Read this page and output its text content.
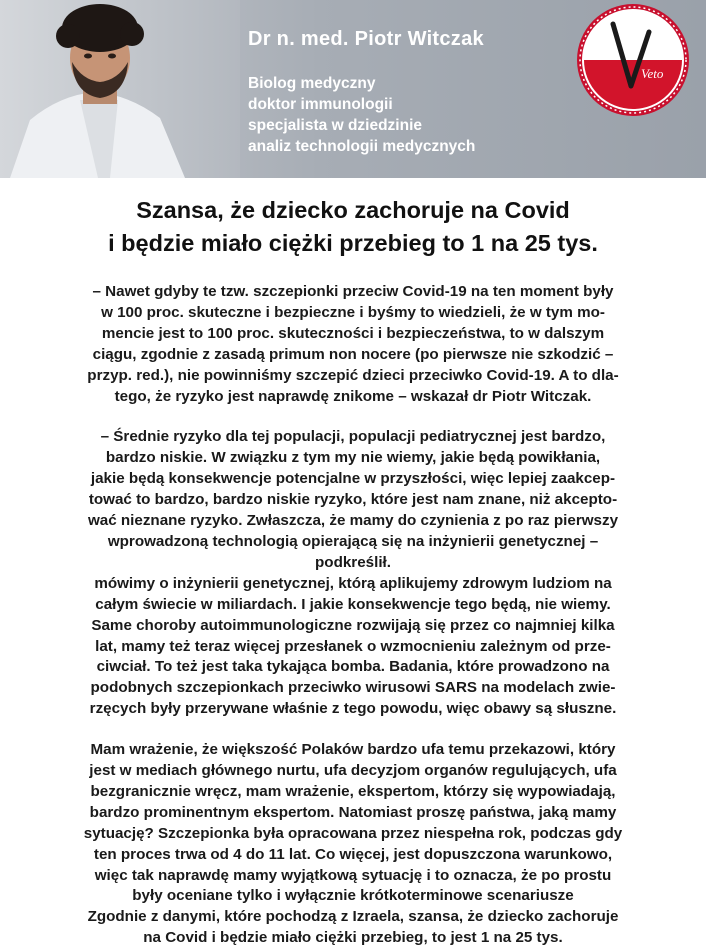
Dr n. med. Piotr Witczak
Biolog medyczny
doktor immunologii
specjalista w dziedzinie
analiz technologii medycznych
Veto
Szansa, że dziecko zachoruje na Covid
i będzie miało ciężki przebieg to 1 na 25 tys.
– Nawet gdyby te tzw. szczepionki przeciw Covid-19 na ten moment były
w 100 proc. skuteczne i bezpieczne i byśmy to wiedzieli, że w tym mo-
mencie jest to 100 proc. skuteczności i bezpieczeństwa, to w dalszym
ciągu, zgodnie z zasadą primum non nocere (po pierwsze nie szkodzić –
przyp. red.), nie powinniśmy szczepić dzieci przeciwko Covid-19. A to dla-
tego, że ryzyko jest naprawdę znikome – wskazał dr Piotr Witczak.
– Średnie ryzyko dla tej populacji, populacji pediatrycznej jest bardzo,
bardzo niskie. W związku z tym my nie wiemy, jakie będą powikłania,
jakie będą konsekwencje potencjalne w przyszłości, więc lepiej zaakcep-
tować to bardzo, bardzo niskie ryzyko, które jest nam znane, niż akcepto-
wać nieznane ryzyko. Zwłaszcza, że mamy do czynienia z po raz pierwszy
wprowadzoną technologią opierającą się na inżynierii genetycznej –
podkreślił.
mówimy o inżynierii genetycznej, którą aplikujemy zdrowym ludziom na
całym świecie w miliardach. I jakie konsekwencje tego będą, nie wiemy.
Same choroby autoimmunologiczne rozwijają się przez co najmniej kilka
lat, mamy też teraz więcej przesłanek o wzmocnieniu zależnym od prze-
ciwciał. To też jest taka tykająca bomba. Badania, które prowadzono na
podobnych szczepionkach przeciwko wirusowi SARS na modelach zwie-
rzęcych były przerywane właśnie z tego powodu, więc obawy są słuszne.
Mam wrażenie, że większość Polaków bardzo ufa temu przekazowi, który
jest w mediach głównego nurtu, ufa decyzjom organów regulujących, ufa
bezgranicznie wręcz, mam wrażenie, ekspertom, którzy się wypowiadają,
bardzo prominentnym ekspertom. Natomiast proszę państwa, jaką mamy
sytuację? Szczepionka była opracowana przez niespełna rok, podczas gdy
ten proces trwa od 4 do 11 lat. Co więcej, jest dopuszczona warunkowo,
więc tak naprawdę mamy wyjątkową sytuację i to oznacza, że po prostu
były oceniane tylko i wyłącznie krótkoterminowe scenariusze
Zgodnie z danymi, które pochodzą z Izraela, szansa, że dziecko zachoruje
na Covid i będzie miało ciężki przebieg, to jest 1 na 25 tys.
